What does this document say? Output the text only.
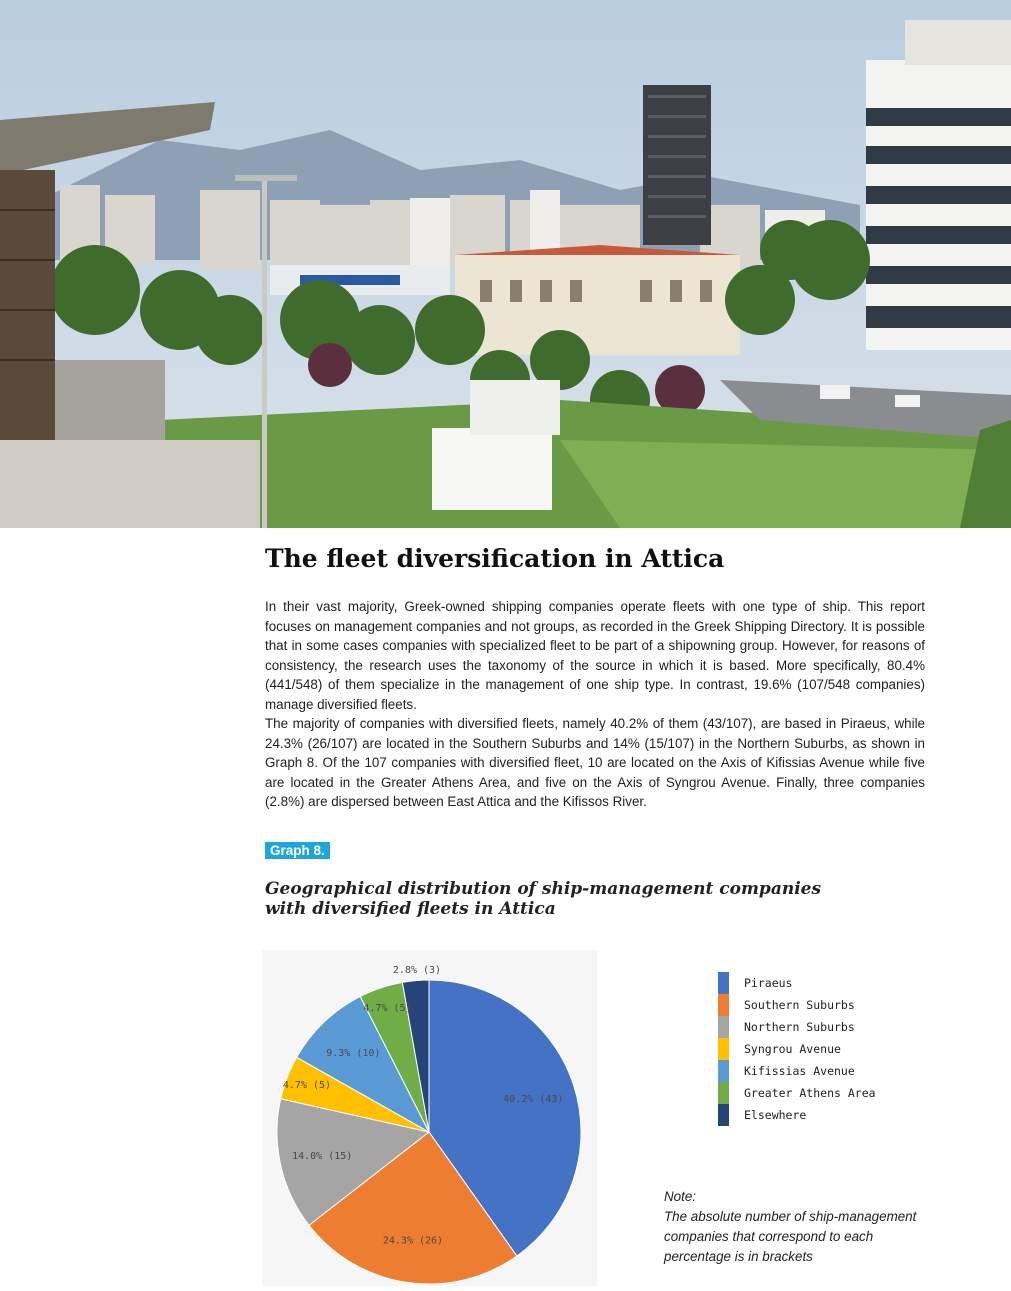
The fleet diversification in Attica

In their vast majority, Greek-owned shipping companies operate fleets with one type of ship. This report focuses on management companies and not groups, as recorded in the Greek Shipping Directory. It is possible that in some cases companies with specialized fleet to be part of a shipowning group. However, for reasons of consistency, the research uses the taxonomy of the source in which it is based. More specifically, 80.4% (441/548) of them specialize in the management of one ship type. In contrast, 19.6% (107/548 companies) manage diversified fleets.

The majority of companies with diversified fleets, namely 40.2% of them (43/107), are based in Piraeus, while 24.3% (26/107) are located in the Southern Suburbs and 14% (15/107) in the Northern Suburbs, as shown in Graph 8. Of the 107 companies with diversified fleet, 10 are located on the Axis of Kifissias Avenue while five are located in the Greater Athens Area, and five on the Axis of Syngrou Avenue. Finally, three companies (2.8%) are dispersed between East Attica and the Kifissos River.

Graph 8.
Geographical distribution of ship-management companies
with diversified fleets in Attica
40.2% (43)
24.3% (26)
14.0% (15)
4.7% (5)
9.3% (10)
4.7% (5)
2.8% (3)
Piraeus
Southern Suburbs
Northern Suburbs
Syngrou Avenue
Kifissias Avenue
Greater Athens Area
Elsewhere
Note:
The absolute number of ship-management companies that correspond to each percentage is in brackets
